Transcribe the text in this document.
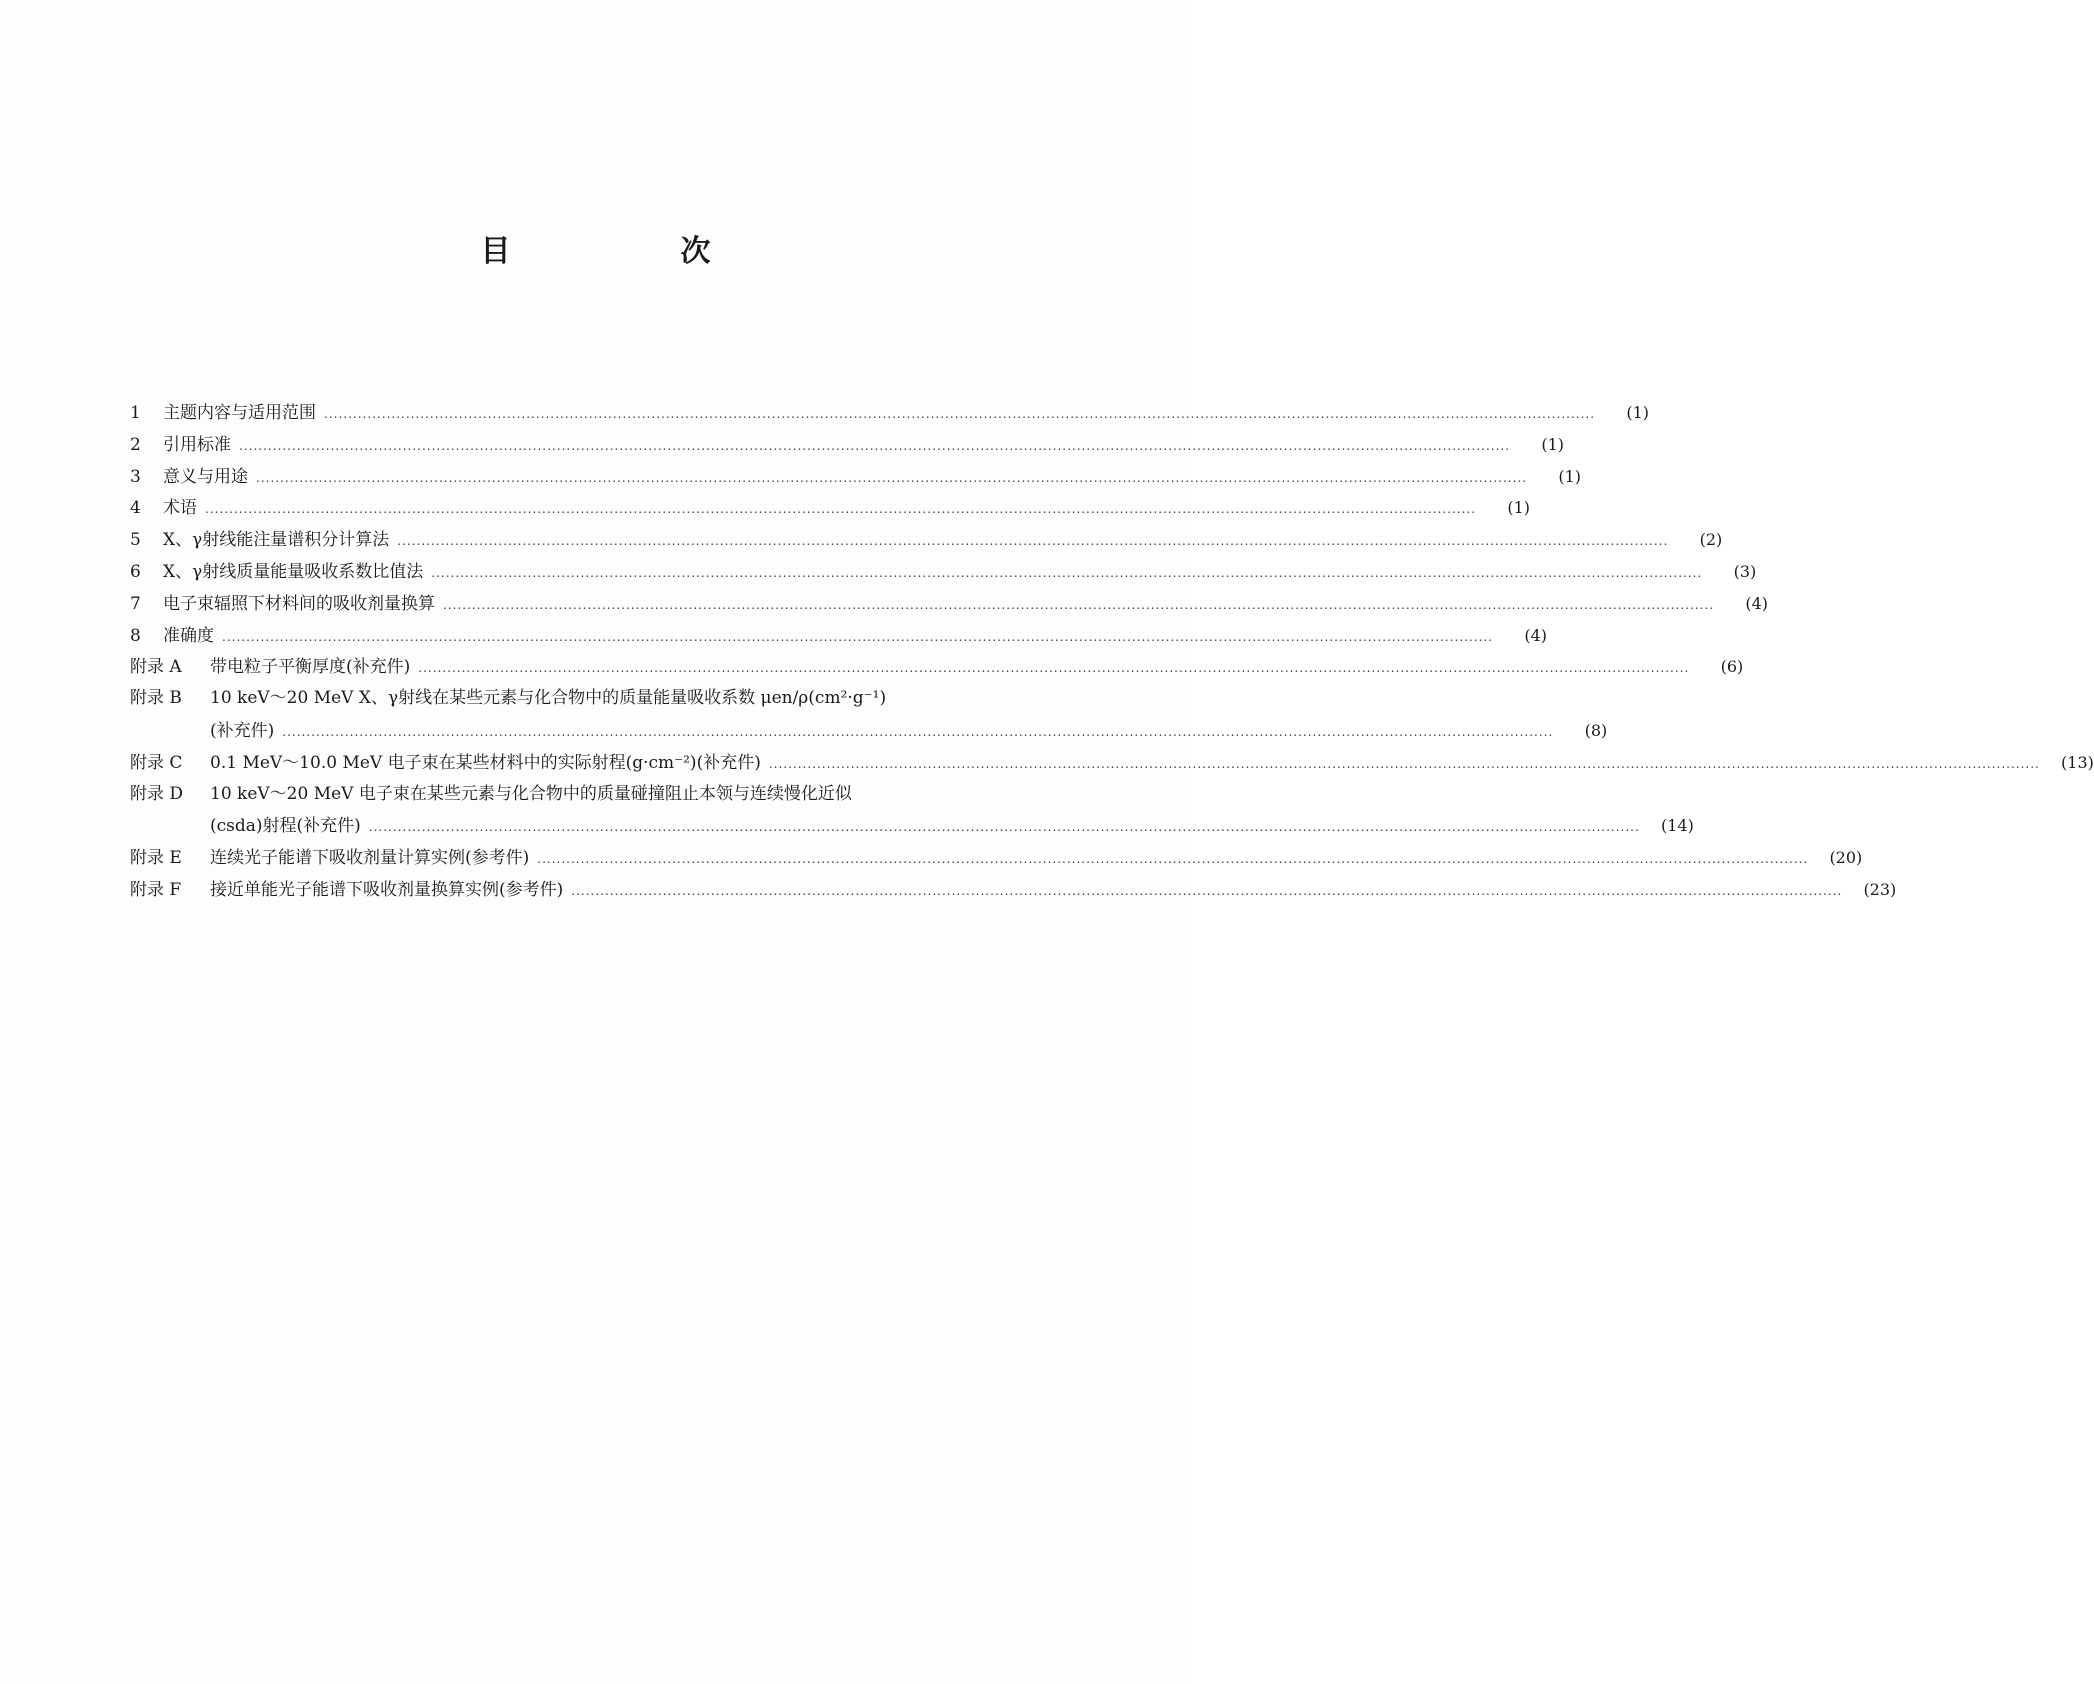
目　次
1	主题内容与适用范围 .....	(1)
2	引用标准 .....	(1)
3	意义与用途 .....	(1)
4	术语 .....	(1)
5	X、γ射线能注量谱积分计算法 .....	(2)
6	X、γ射线质量能量吸收系数比值法 .....	(3)
7	电子束辐照下材料间的吸收剂量换算 .....	(4)
8	准确度 .....	(4)
附录 A	带电粒子平衡厚度(补充件) .....	(6)
附录 B	10 keV～20 MeV X、γ射线在某些元素与化合物中的质量能量吸收系数 μen/ρ(cm²·g⁻¹)
(补充件) .....	(8)
附录 C	0.1 MeV～10.0 MeV 电子束在某些材料中的实际射程(g·cm⁻²)(补充件) .....	(13)
附录 D	10 keV～20 MeV 电子束在某些元素与化合物中的质量碰撞阻止本领与连续慢化近似
(csda)射程(补充件) .....	(14)
附录 E	连续光子能谱下吸收剂量计算实例(参考件) .....	(20)
附录 F	接近单能光子能谱下吸收剂量换算实例(参考件) .....	(23)
